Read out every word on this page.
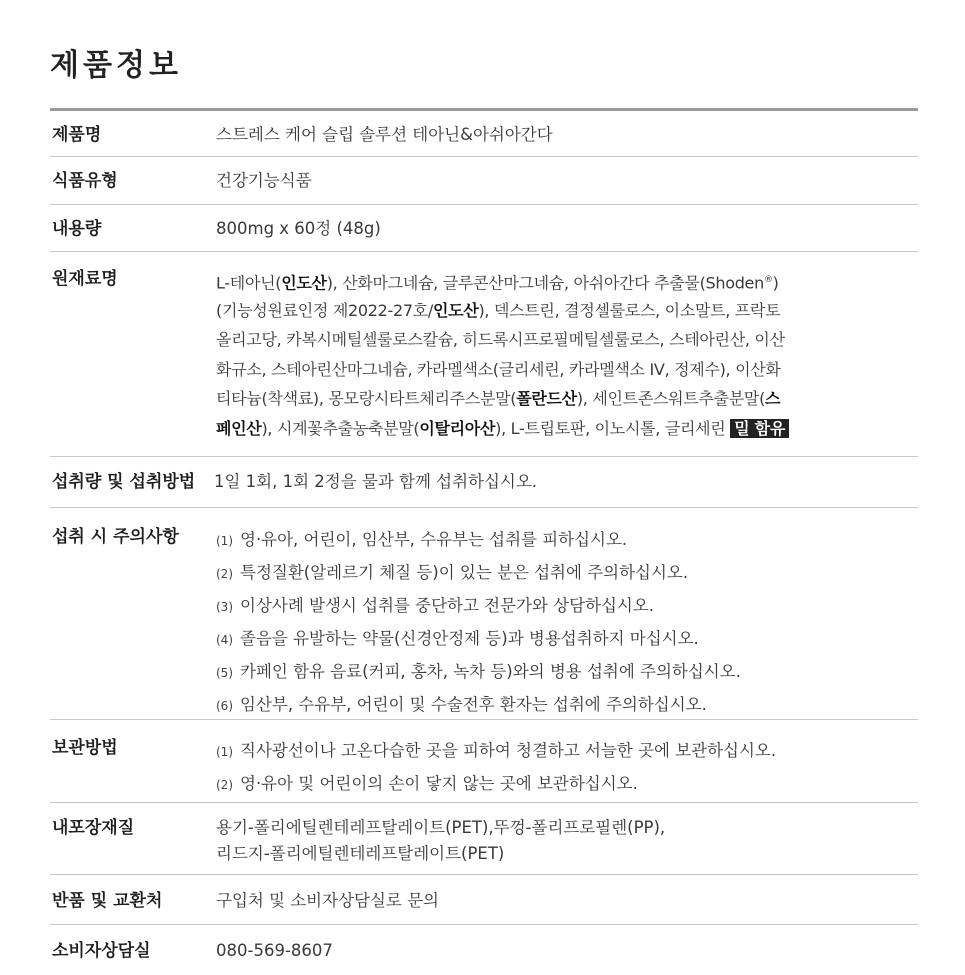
제품정보
제품명	스트레스 케어 슬립 솔루션 테아닌&아쉬아간다
식품유형	건강기능식품
내용량	800mg x 60정 (48g)
원재료명	L-테아닌(인도산), 산화마그네슘, 글루콘산마그네슘, 아쉬아간다 추출물(Shoden®)
(기능성원료인정 제2022-27호/인도산), 덱스트린, 결정셀룰로스, 이소말트, 프락토
올리고당, 카복시메틸셀룰로스칼슘, 히드록시프로필메틸셀룰로스, 스테아린산, 이산
화규소, 스테아린산마그네슘, 카라멜색소(글리세린, 카라멜색소 IV, 정제수), 이산화
티타늄(착색료), 몽모랑시타트체리주스분말(폴란드산), 세인트존스워트추출분말(스
페인산), 시계꽃추출농축분말(이탈리아산), L-트립토판, 이노시톨, 글리세린 밀 함유
섭취량 및 섭취방법	1일 1회, 1회 2정을 물과 함께 섭취하십시오.
섭취 시 주의사항	(1) 영·유아, 어린이, 임산부, 수유부는 섭취를 피하십시오.
(2) 특정질환(알레르기 체질 등)이 있는 분은 섭취에 주의하십시오.
(3) 이상사례 발생시 섭취를 중단하고 전문가와 상담하십시오.
(4) 졸음을 유발하는 약물(신경안정제 등)과 병용섭취하지 마십시오.
(5) 카페인 함유 음료(커피, 홍차, 녹차 등)와의 병용 섭취에 주의하십시오.
(6) 임산부, 수유부, 어린이 및 수술전후 환자는 섭취에 주의하십시오.
보관방법	(1) 직사광선이나 고온다습한 곳을 피하여 청결하고 서늘한 곳에 보관하십시오.
(2) 영·유아 및 어린이의 손이 닿지 않는 곳에 보관하십시오.
내포장재질	용기-폴리에틸렌테레프탈레이트(PET),뚜껑-폴리프로필렌(PP),
리드지-폴리에틸렌테레프탈레이트(PET)
반품 및 교환처	구입처 및 소비자상담실로 문의
소비자상담실	080-569-8607
